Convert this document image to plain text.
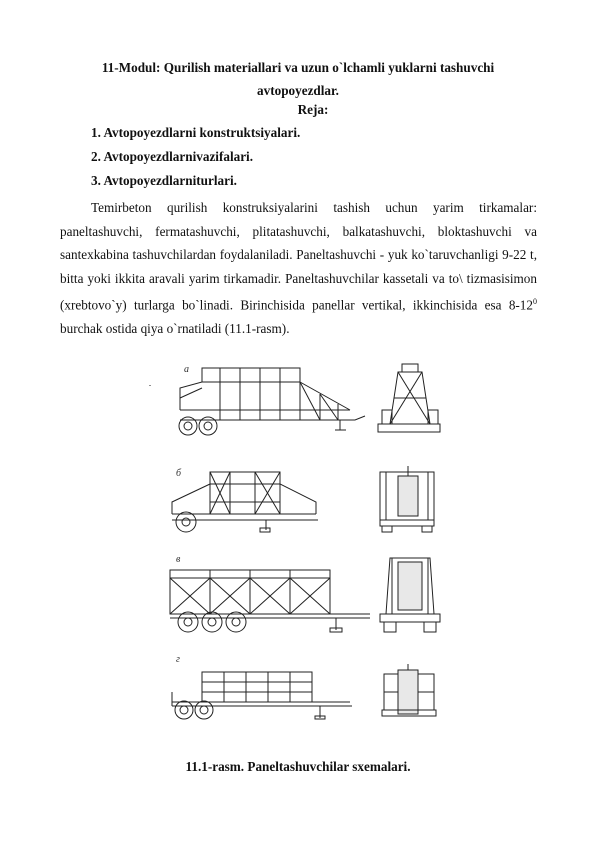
11-Modul: Qurilish materiallari va uzun o`lchamli yuklarni tashuvchi
avtopoyezdlar.
Reja:
1. Avtopoyezdlarni konstruktsiyalari.
2. Avtopoyezdlarnivazifalari.
3. Avtopoyezdlarniturlari.
Temirbeton qurilish konstruksiyalarini tashish uchun yarim tirkamalar: paneltashuvchi, fermatashuvchi, plitatashuvchi, balkatashuvchi, bloktashuvchi va santexkabina tashuvchilardan foydalaniladi. Paneltashuvchi - yuk ko`taruvchanligi 9-22 t, bitta yoki ikkita aravali yarim tirkamadir. Paneltashuvchilar kassetali va to\ tizmasisimon (xrebtovo`y) turlarga bo`linadi. Birinchisida panellar vertikal, ikkinchisida esa $8-12^0$ burchak ostida qiya o`rnatiladi (11.1-rasm).
a
б
в
г
11.1-rasm. Paneltashuvchilar sxemalari.
